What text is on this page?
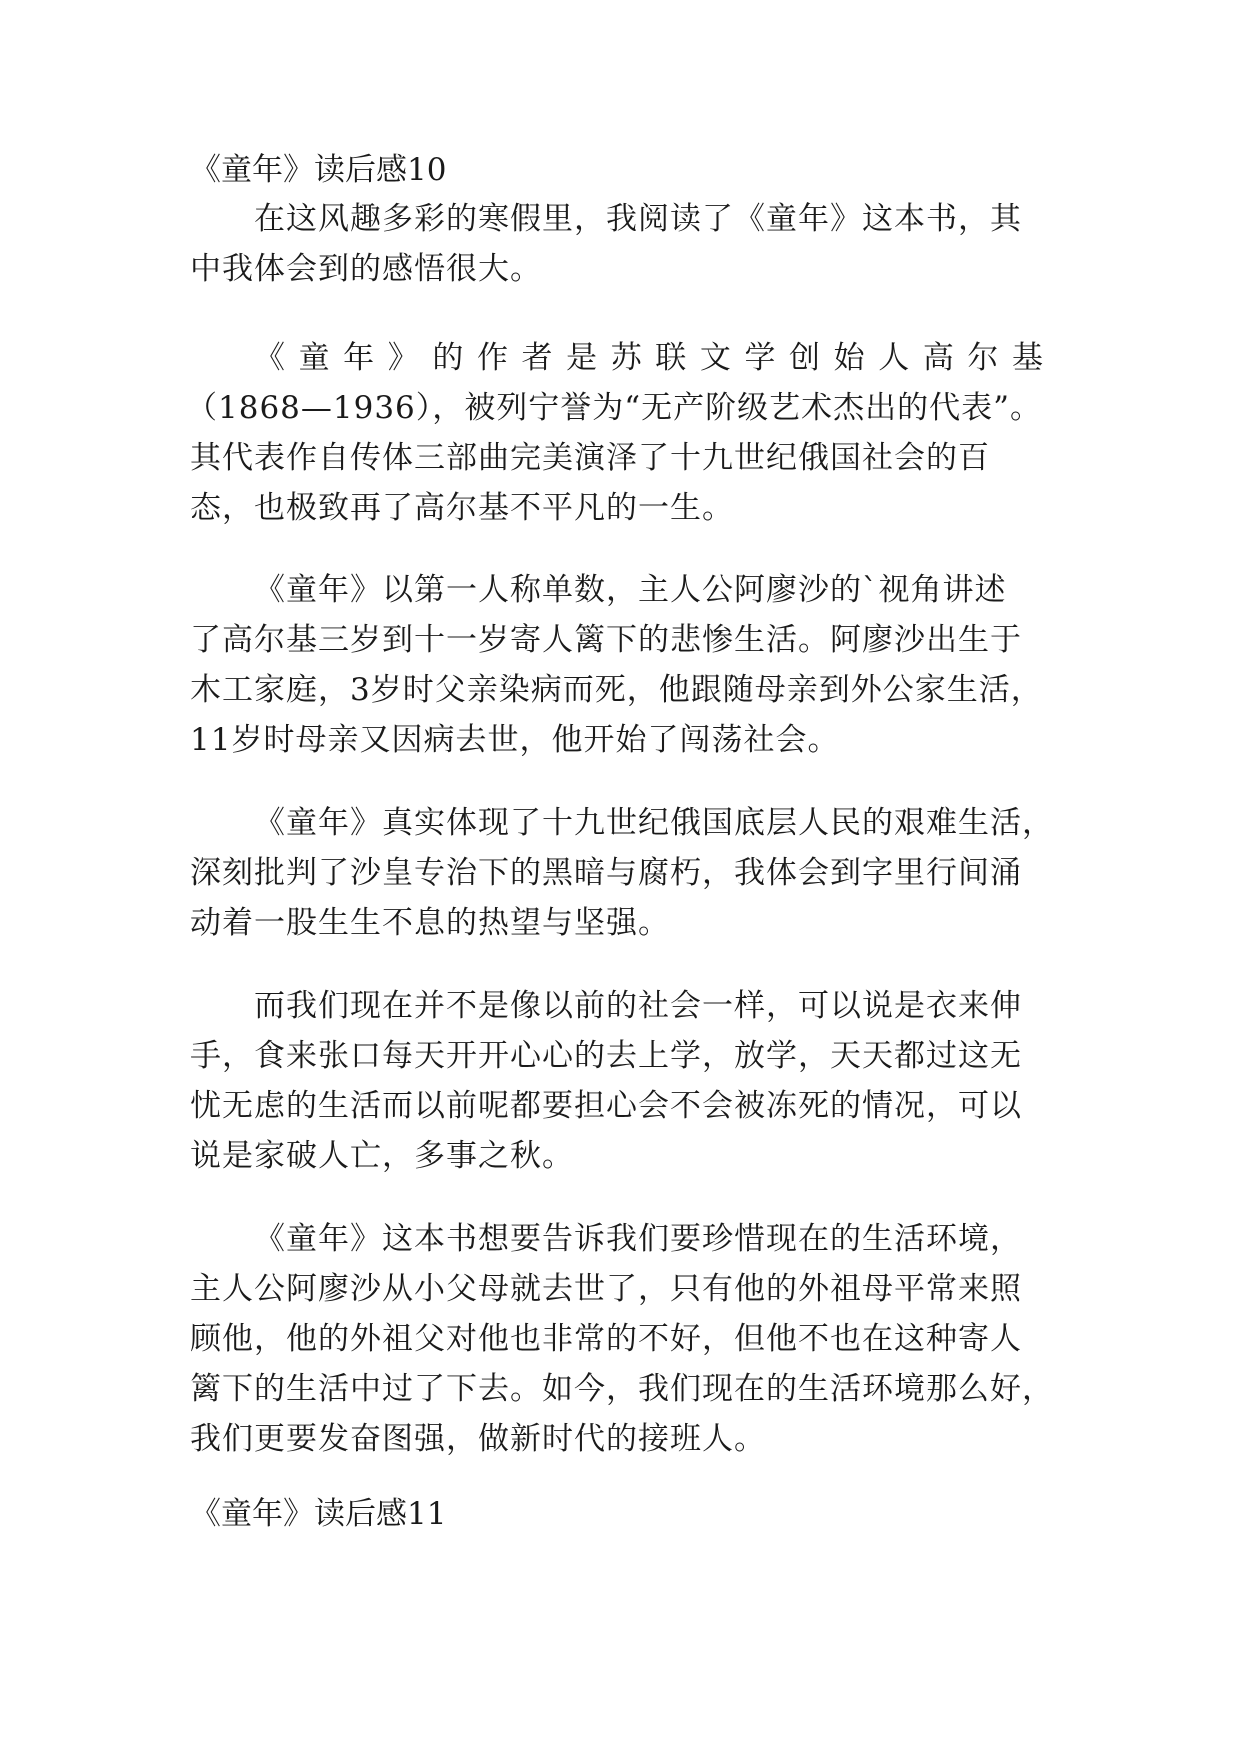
《童年》读后感10
在这风趣多彩的寒假里，我阅读了《童年》这本书，其
中我体会到的感悟很大。
《童年》的作者是苏联文学创始人高尔基
（1868—1936），被列宁誉为“无产阶级艺术杰出的代表”。
其代表作自传体三部曲完美演泽了十九世纪俄国社会的百
态，也极致再了高尔基不平凡的一生。
《童年》以第一人称单数，主人公阿廖沙的`视角讲述
了高尔基三岁到十一岁寄人篱下的悲惨生活。阿廖沙出生于
木工家庭，3岁时父亲染病而死，他跟随母亲到外公家生活，
11岁时母亲又因病去世，他开始了闯荡社会。
《童年》真实体现了十九世纪俄国底层人民的艰难生活，
深刻批判了沙皇专治下的黑暗与腐朽，我体会到字里行间涌
动着一股生生不息的热望与坚强。
而我们现在并不是像以前的社会一样，可以说是衣来伸
手，食来张口每天开开心心的去上学，放学，天天都过这无
忧无虑的生活而以前呢都要担心会不会被冻死的情况，可以
说是家破人亡，多事之秋。
《童年》这本书想要告诉我们要珍惜现在的生活环境，
主人公阿廖沙从小父母就去世了，只有他的外祖母平常来照
顾他，他的外祖父对他也非常的不好，但他不也在这种寄人
篱下的生活中过了下去。如今，我们现在的生活环境那么好，
我们更要发奋图强，做新时代的接班人。
《童年》读后感11
